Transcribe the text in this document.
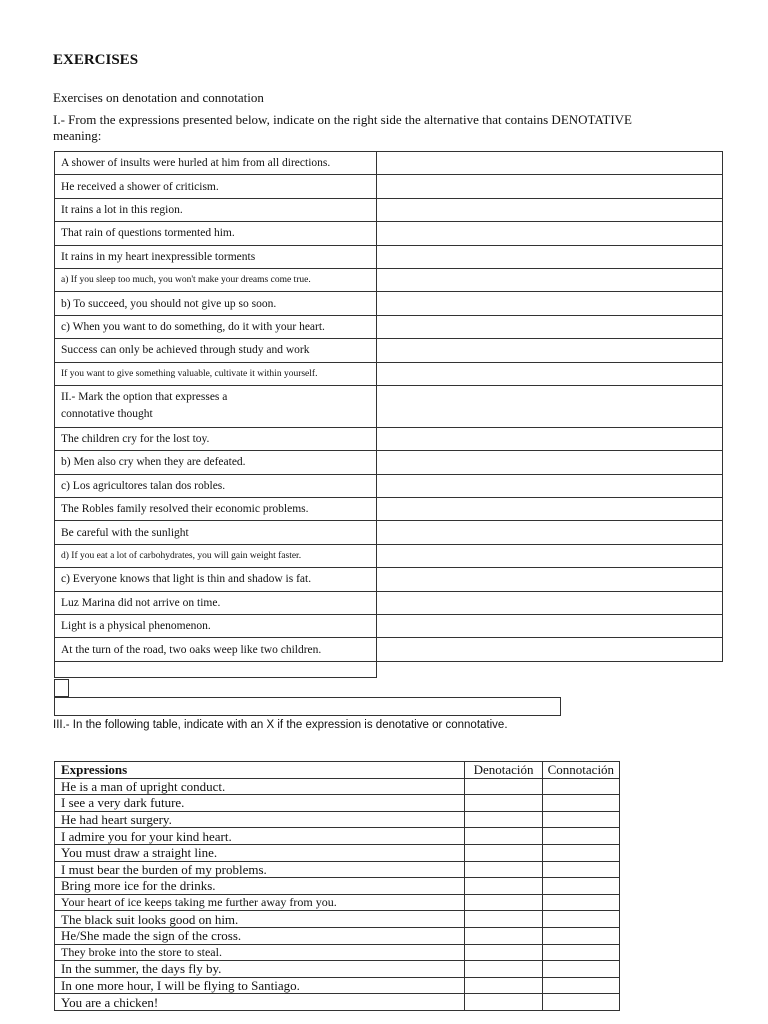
EXERCISES
Exercises on denotation and connotation
I.- From the expressions presented below, indicate on the right side the alternative that contains DENOTATIVE meaning:
A shower of insults were hurled at him from all directions.	
He received a shower of criticism.	
It rains a lot in this region.	
That rain of questions tormented him.	
It rains in my heart inexpressible torments	
a) If you sleep too much, you won't make your dreams come true.	
b) To succeed, you should not give up so soon.	
c) When you want to do something, do it with your heart.	
Success can only be achieved through study and work	
If you want to give something valuable, cultivate it within yourself.	
II.- Mark the option that expresses a
connotative thought	
The children cry for the lost toy.	
b) Men also cry when they are defeated.	
c) Los agricultores talan dos robles.	
The Robles family resolved their economic problems.	
Be careful with the sunlight	
d) If you eat a lot of carbohydrates, you will gain weight faster.	
c) Everyone knows that light is thin and shadow is fat.	
Luz Marina did not arrive on time.	
Light is a physical phenomenon.	
At the turn of the road, two oaks weep like two children.	
III.- In the following table, indicate with an X if the expression is denotative or connotative.
Expressions	Denotación	Connotación
He is a man of upright conduct.		
I see a very dark future.		
He had heart surgery.		
I admire you for your kind heart.		
You must draw a straight line.		
I must bear the burden of my problems.		
Bring more ice for the drinks.		
Your heart of ice keeps taking me further away from you.		
The black suit looks good on him.		
He/She made the sign of the cross.		
They broke into the store to steal.		
In the summer, the days fly by.		
In one more hour, I will be flying to Santiago.		
You are a chicken!		
